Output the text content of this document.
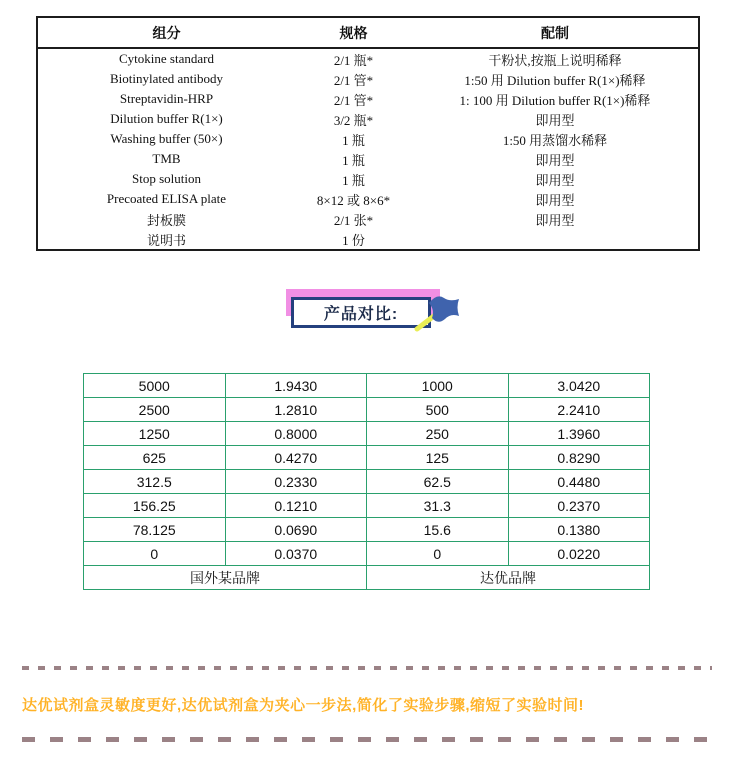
组分	规格	配制
Cytokine standard	2/1 瓶*	干粉状,按瓶上说明稀释
Biotinylated antibody	2/1 管*	1:50 用 Dilution buffer R(1×)稀释
Streptavidin-HRP	2/1 管*	1: 100 用 Dilution buffer R(1×)稀释
Dilution buffer R(1×)	3/2 瓶*	即用型
Washing buffer (50×)	1 瓶	1:50 用蒸馏水稀释
TMB	1 瓶	即用型
Stop solution	1 瓶	即用型
Precoated ELISA plate	8×12 或 8×6*	即用型
封板膜	2/1 张*	即用型
说明书	1 份	
产品对比:
5000	1.9430	1000	3.0420
2500	1.2810	500	2.2410
1250	0.8000	250	1.3960
625	0.4270	125	0.8290
312.5	0.2330	62.5	0.4480
156.25	0.1210	31.3	0.2370
78.125	0.0690	15.6	0.1380
0	0.0370	0	0.0220
国外某品牌		达优品牌	
达优试剂盒灵敏度更好,达优试剂盒为夹心一步法,简化了实验步骤,缩短了实验时间!
